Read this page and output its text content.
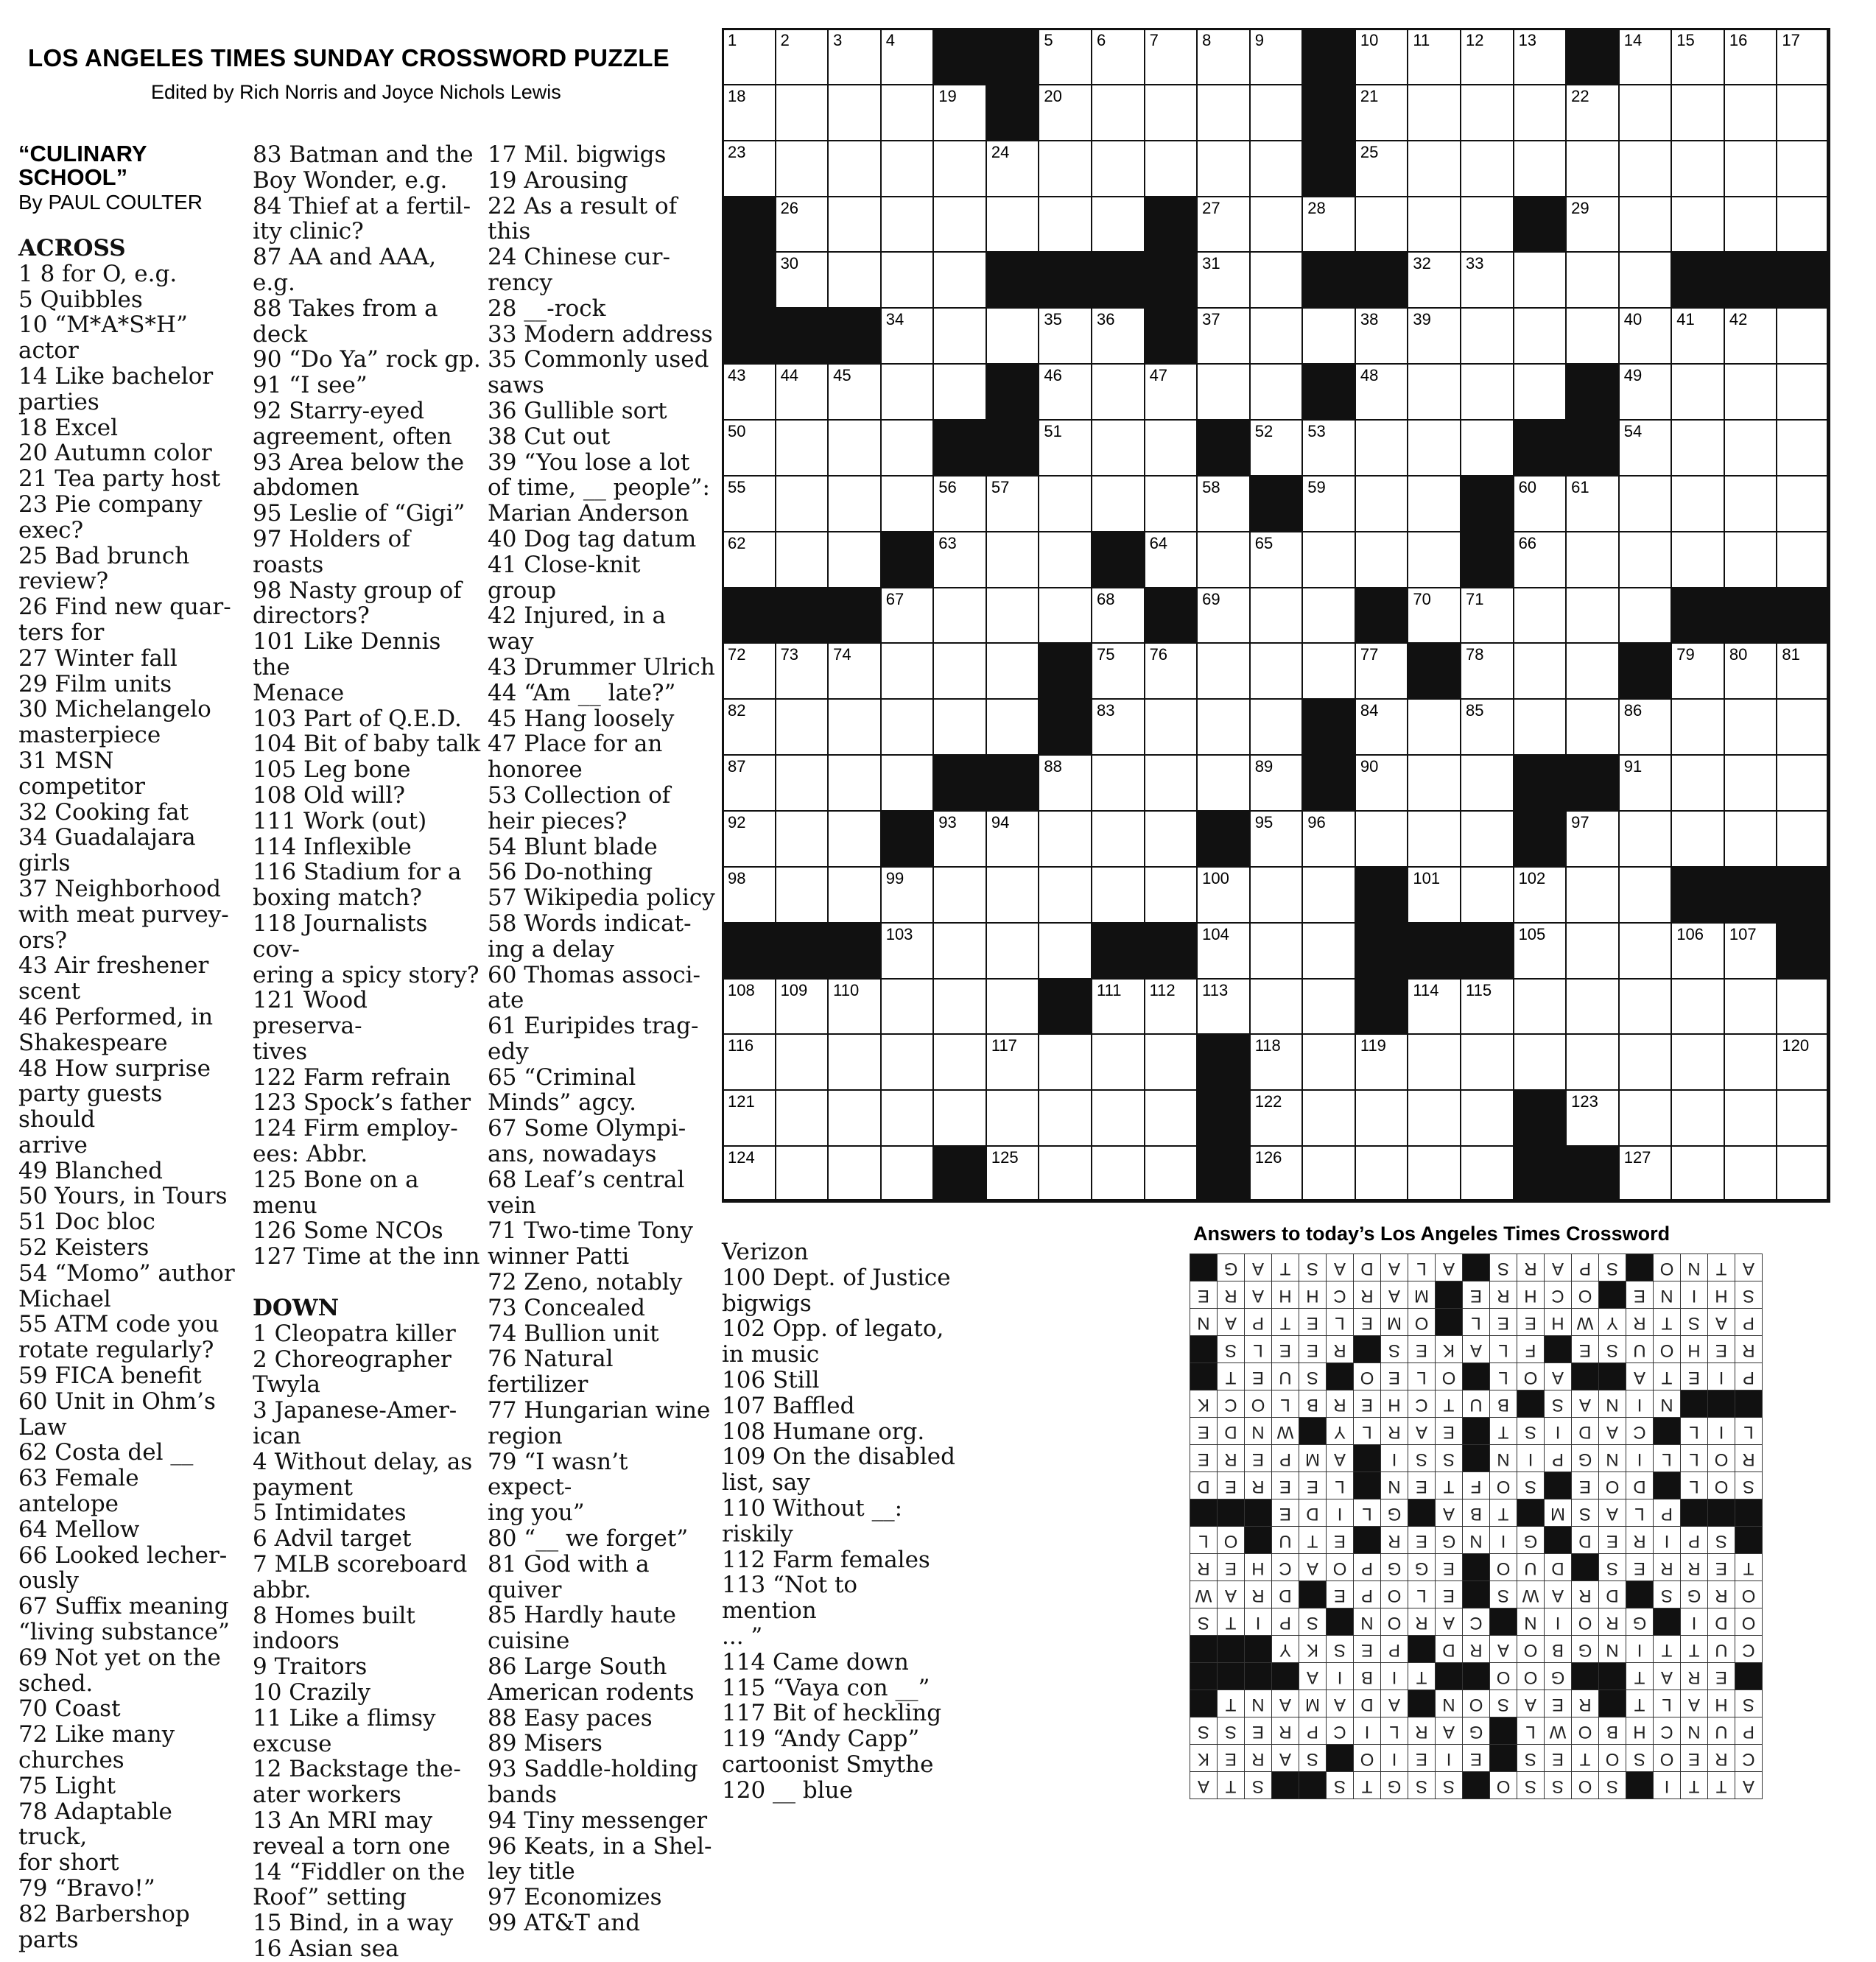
LOS ANGELES TIMES SUNDAY CROSSWORD PUZZLE
Edited by Rich Norris and Joyce Nichols Lewis
“CULINARY SCHOOL”
By PAUL COULTER
ACROSS
1 8 for O, e.g.
5 Quibbles
10 “M*A*S*H” actor
14 Like bachelor
parties
18 Excel
20 Autumn color
21 Tea party host
23 Pie company
exec?
25 Bad brunch
review?
26 Find new quar-
ters for
27 Winter fall
29 Film units
30 Michelangelo
masterpiece
31 MSN competitor
32 Cooking fat
34 Guadalajara girls
37 Neighborhood
with meat purvey-
ors?
43 Air freshener
scent
46 Performed, in
Shakespeare
48 How surprise
party guests should
arrive
49 Blanched
50 Yours, in Tours
51 Doc bloc
52 Keisters
54 “Momo” author
Michael
55 ATM code you
rotate regularly?
59 FICA benefit
60 Unit in Ohm’s
Law
62 Costa del __
63 Female antelope
64 Mellow
66 Looked lecher-
ously
67 Suffix meaning
“living substance”
69 Not yet on the
sched.
70 Coast
72 Like many
churches
75 Light
78 Adaptable truck,
for short
79 “Bravo!”
82 Barbershop
parts
83 Batman and the
Boy Wonder, e.g.
84 Thief at a fertil-
ity clinic?
87 AA and AAA, e.g.
88 Takes from a
deck
90 “Do Ya” rock gp.
91 “I see”
92 Starry-eyed
agreement, often
93 Area below the
abdomen
95 Leslie of “Gigi”
97 Holders of roasts
98 Nasty group of
directors?
101 Like Dennis the
Menace
103 Part of Q.E.D.
104 Bit of baby talk
105 Leg bone
108 Old will?
111 Work (out)
114 Inflexible
116 Stadium for a
boxing match?
118 Journalists cov-
ering a spicy story?
121 Wood preserva-
tives
122 Farm refrain
123 Spock’s father
124 Firm employ-
ees: Abbr.
125 Bone on a menu
126 Some NCOs
127 Time at the inn
DOWN
1 Cleopatra killer
2 Choreographer
Twyla
3 Japanese-Amer-
ican
4 Without delay, as
payment
5 Intimidates
6 Advil target
7 MLB scoreboard
abbr.
8 Homes built
indoors
9 Traitors
10 Crazily
11 Like a flimsy
excuse
12 Backstage the-
ater workers
13 An MRI may
reveal a torn one
14 “Fiddler on the
Roof” setting
15 Bind, in a way
16 Asian sea
17 Mil. bigwigs
19 Arousing
22 As a result of this
24 Chinese cur-
rency
28 __-rock
33 Modern address
35 Commonly used
saws
36 Gullible sort
38 Cut out
39 “You lose a lot
of time, __ people”:
Marian Anderson
40 Dog tag datum
41 Close-knit group
42 Injured, in a way
43 Drummer Ulrich
44 “Am __ late?”
45 Hang loosely
47 Place for an
honoree
53 Collection of
heir pieces?
54 Blunt blade
56 Do-nothing
57 Wikipedia policy
58 Words indicat-
ing a delay
60 Thomas associ-
ate
61 Euripides trag-
edy
65 “Criminal
Minds” agcy.
67 Some Olympi-
ans, nowadays
68 Leaf’s central
vein
71 Two-time Tony
winner Patti
72 Zeno, notably
73 Concealed
74 Bullion unit
76 Natural fertilizer
77 Hungarian wine
region
79 “I wasn’t expect-
ing you”
80 “__ we forget”
81 God with a
quiver
85 Hardly haute
cuisine
86 Large South
American rodents
88 Easy paces
89 Misers
93 Saddle-holding
bands
94 Tiny messenger
96 Keats, in a Shel-
ley title
97 Economizes
99 AT&T and
Verizon
100 Dept. of Justice
bigwigs
102 Opp. of legato,
in music
106 Still
107 Baffled
108 Humane org.
109 On the disabled
list, say
110 Without __:
riskily
112 Farm females
113 “Not to mention
... ”
114 Came down
115 “Vaya con __”
117 Bit of heckling
119 “Andy Capp”
cartoonist Smythe
120 __ blue
1	2	3	4	5	6	7	8	9	10 11 12 13	14 15 16 17
18	19	20	21	22
23	24	25
26	27	28	29
30	31	32 33
34	35 36	37	38 39	40 41 42
43 44 45	46	47	48	49
50	51	52 53	54
55	56 57	58	59	60 61
62	63	64	65	66
67	68	69	70 71
72 73 74	75 76	77	78	79 80 81
82	83	84	85	86
87	88	89	90	91
92	93 94	95 96	97
98	99	100	101	102
103	104	105	106 107
108 109 110	111 112 113	114 115
116	117	118	119	120
121	122	123
124	125	126	127
Answers to today’s Los Angeles Times Crossword
A
T
T
I
S
O
S
S
O
S
S
G
T
S
S
T
A
C
R
E
O
S
O
T
E
S
E
I
E
I
O
S
A
R
E
K
P
U
N
C
H
B
O
W
L
G
A
R
L
I
C
P
R
E
S
S
S
H
A
L
T
R
E
A
S
O
N
A
D
A
M
A
N
T
E
R
A
T
G
O
O
T
I
B
I
A
C
U
T
T
I
N
G
B
O
A
R
D
P
E
S
K
Y
O
D
I
G
R
O
I
N
C
A
R
O
N
S
P
I
T
S
O
R
G
S
D
R
A
W
S
E
L
O
P
E
D
R
A
W
T
E
R
R
E
S
D
U
O
E
G
G
P
O
A
C
H
E
R
S
P
I
R
E
D
G
I
N
G
E
R
E
T
U
O
L
P
L
A
S
M
T
B
A
G
L
I
D
E
S
O
L
D
O
E
S
O
F
T
E
N
L
E
E
R
E
D
R
O
L
L
I
N
G
P
I
N
S
S
I
A
M
P
E
R
E
L
I
L
C
A
D
I
S
T
E
A
R
L
Y
W
N
D
E
N
I
N
A
S
B
U
T
C
H
E
R
B
L
O
C
K
P
I
E
T
A
A
O
L
O
L
E
O
S
U
E
T
R
E
H
O
U
S
E
F
L
A
K
E
S
R
E
E
L
S
P
A
S
T
R
Y
W
H
E
E
L
O
M
E
L
E
T
P
A
N
S
H
I
N
E
O
C
H
R
E
M
A
R
C
H
H
A
R
E
A
T
N
O
S
P
A
R
S
A
L
A
D
A
S
T
A
G
